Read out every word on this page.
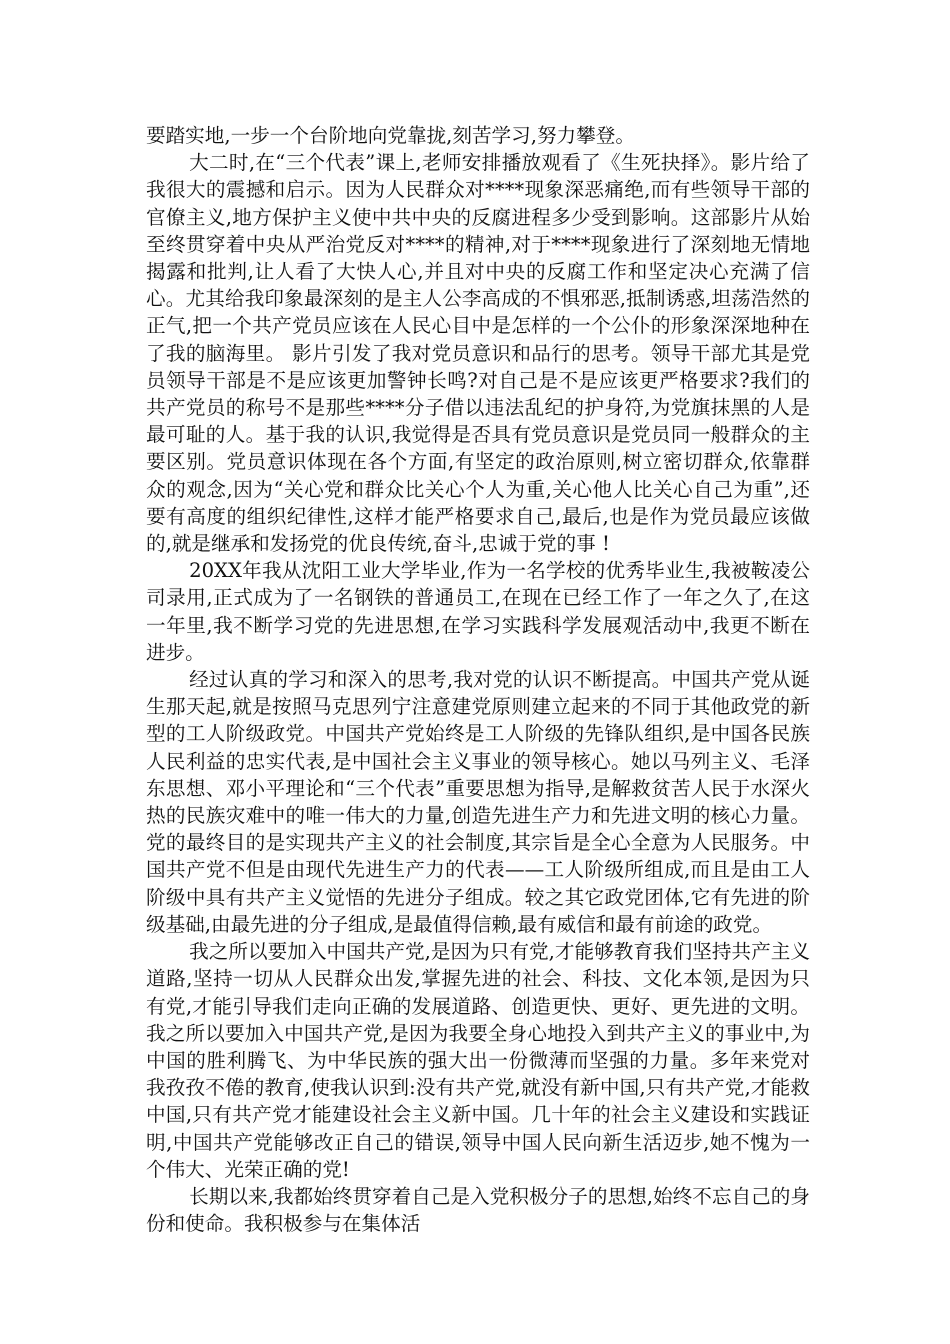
要踏实地,一步一个台阶地向党靠拢,刻苦学习,努力攀登。

大二时,在“三个代表”课上,老师安排播放观看了《生死抉择》。影片给了我很大的震撼和启示。因为人民群众对****现象深恶痛绝,而有些领导干部的官僚主义,地方保护主义使中共中央的反腐进程多少受到影响。这部影片从始至终贯穿着中央从严治党反对****的精神,对于****现象进行了深刻地无情地揭露和批判,让人看了大快人心,并且对中央的反腐工作和坚定决心充满了信心。尤其给我印象最深刻的是主人公李高成的不惧邪恶,抵制诱惑,坦荡浩然的正气,把一个共产党员应该在人民心目中是怎样的一个公仆的形象深深地种在了我的脑海里。 影片引发了我对党员意识和品行的思考。领导干部尤其是党员领导干部是不是应该更加警钟长鸣?对自己是不是应该更严格要求?我们的共产党员的称号不是那些****分子借以违法乱纪的护身符,为党旗抹黑的人是最可耻的人。基于我的认识,我觉得是否具有党员意识是党员同一般群众的主要区别。党员意识体现在各个方面,有坚定的政治原则,树立密切群众,依靠群众的观念,因为“关心党和群众比关心个人为重,关心他人比关心自己为重”,还要有高度的组织纪律性,这样才能严格要求自己,最后,也是作为党员最应该做的,就是继承和发扬党的优良传统,奋斗,忠诚于党的事 !

20XX年我从沈阳工业大学毕业,作为一名学校的优秀毕业生,我被鞍凌公司录用,正式成为了一名钢铁的普通员工,在现在已经工作了一年之久了,在这一年里,我不断学习党的先进思想,在学习实践科学发展观活动中,我更不断在进步。

经过认真的学习和深入的思考,我对党的认识不断提高。中国共产党从诞生那天起,就是按照马克思列宁注意建党原则建立起来的不同于其他政党的新型的工人阶级政党。中国共产党始终是工人阶级的先锋队组织,是中国各民族人民利益的忠实代表,是中国社会主义事业的领导核心。她以马列主义、毛泽东思想、邓小平理论和“三个代表”重要思想为指导,是解救贫苦人民于水深火热的民族灾难中的唯一伟大的力量,创造先进生产力和先进文明的核心力量。党的最终目的是实现共产主义的社会制度,其宗旨是全心全意为人民服务。中国共产党不但是由现代先进生产力的代表——工人阶级所组成,而且是由工人阶级中具有共产主义觉悟的先进分子组成。较之其它政党团体,它有先进的阶级基础,由最先进的分子组成,是最值得信赖,最有威信和最有前途的政党。

我之所以要加入中国共产党,是因为只有党,才能够教育我们坚持共产主义道路,坚持一切从人民群众出发,掌握先进的社会、科技、文化本领,是因为只有党,才能引导我们走向正确的发展道路、创造更快、更好、更先进的文明。我之所以要加入中国共产党,是因为我要全身心地投入到共产主义的事业中,为中国的胜利腾飞、为中华民族的强大出一份微薄而坚强的力量。多年来党对我孜孜不倦的教育,使我认识到:没有共产党,就没有新中国,只有共产党,才能救中国,只有共产党才能建设社会主义新中国。几十年的社会主义建设和实践证明,中国共产党能够改正自己的错误,领导中国人民向新生活迈步,她不愧为一个伟大、光荣正确的党!

长期以来,我都始终贯穿着自己是入党积极分子的思想,始终不忘自己的身份和使命。我积极参与在集体活
